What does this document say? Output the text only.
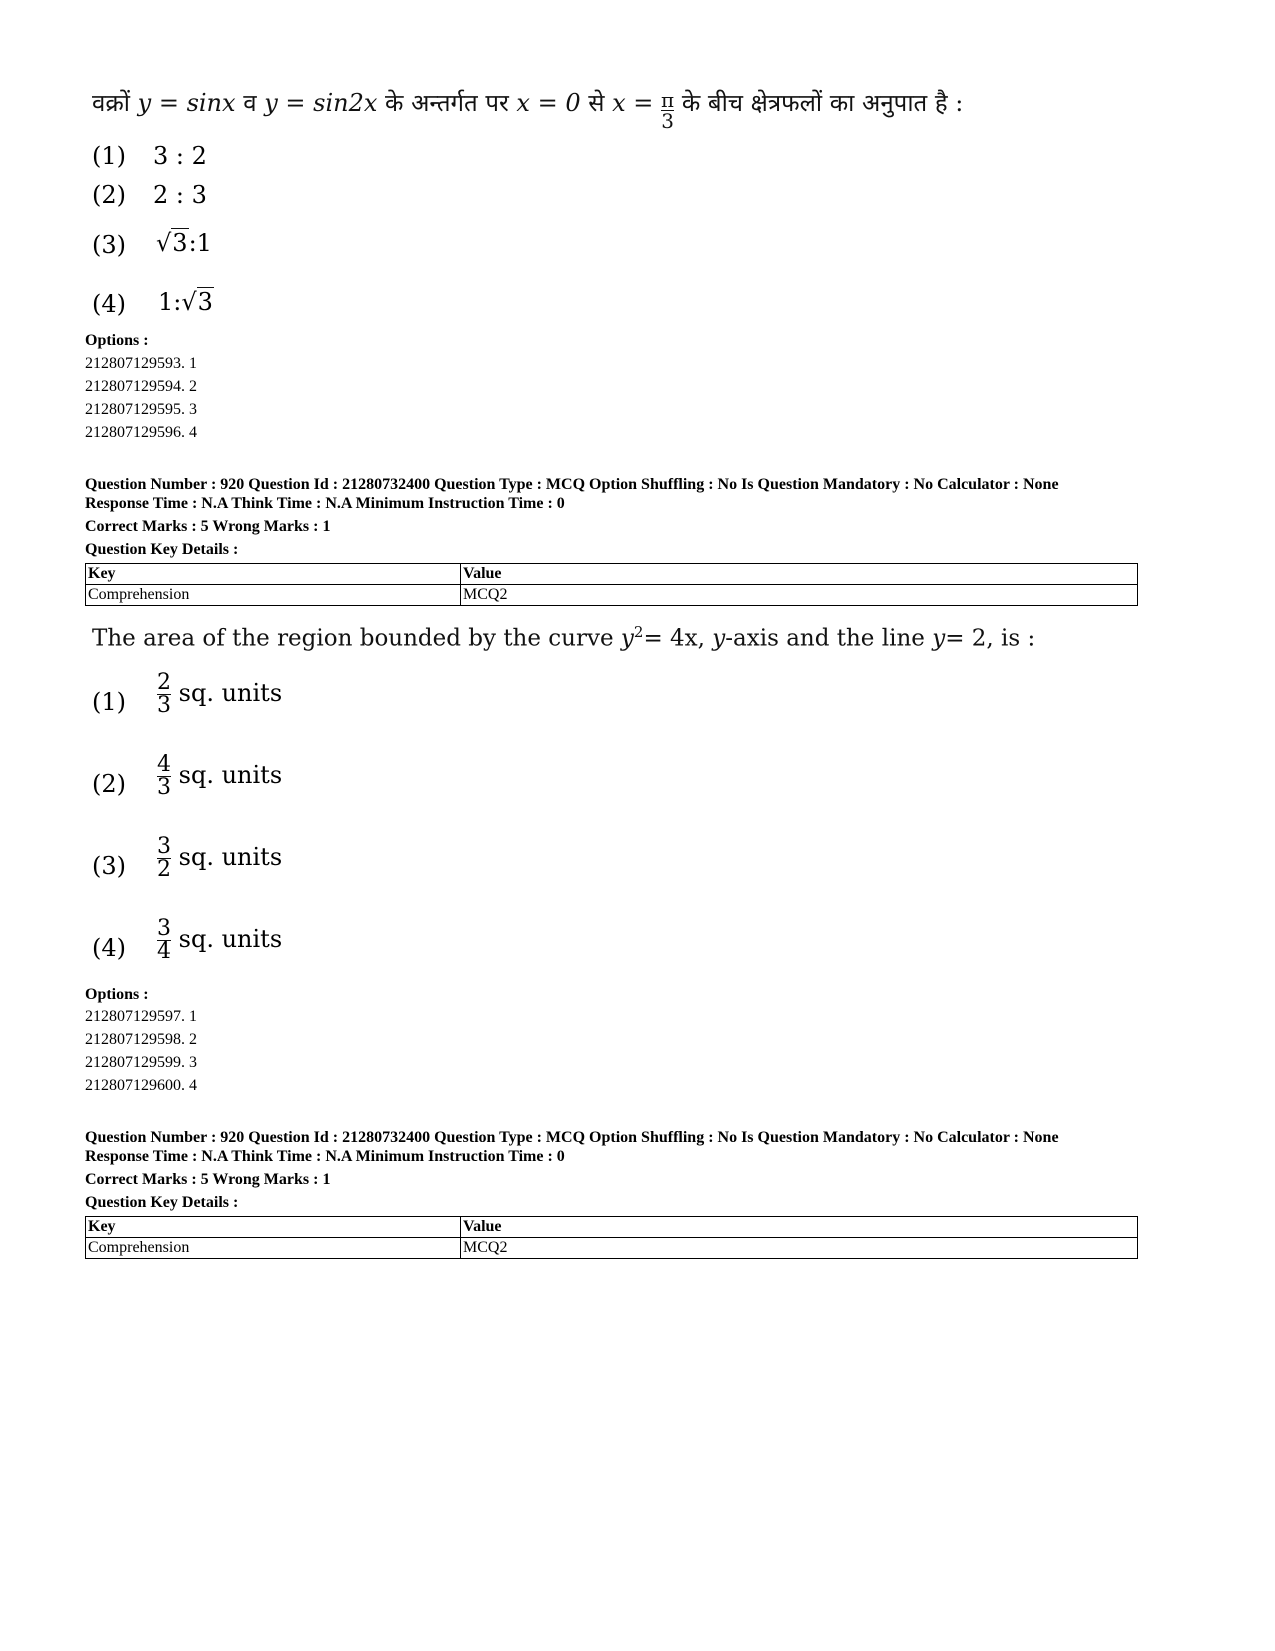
वक्रों y = sinx व y = sin2x के अन्तर्गत पर x = 0 से $x = \frac{\pi}{3}$ के बीच क्षेत्रफलों का अनुपात है :
(1) 3 : 2
(2) 2 : 3
(3) √3:1
(4) 1:√3
Options :
212807129593. 1
212807129594. 2
212807129595. 3
212807129596. 4
Question Number : 920 Question Id : 21280732400 Question Type : MCQ Option Shuffling : No Is Question Mandatory : No Calculator : None
Response Time : N.A Think Time : N.A Minimum Instruction Time : 0
Correct Marks : 5 Wrong Marks : 1
Question Key Details :
Key	Value
Comprehension	MCQ2
The area of the region bounded by the curve $y^2= 4x$, y-axis and the line y= 2, is :
$(1) \frac{2}{3}$ sq. units
$(2) \frac{4}{3}$ sq. units
$(3) \frac{3}{2}$ sq. units
$(4) \frac{3}{4}$ sq. units
Options :
212807129597. 1
212807129598. 2
212807129599. 3
212807129600. 4
Question Number : 920 Question Id : 21280732400 Question Type : MCQ Option Shuffling : No Is Question Mandatory : No Calculator : None
Response Time : N.A Think Time : N.A Minimum Instruction Time : 0
Correct Marks : 5 Wrong Marks : 1
Question Key Details :
Key	Value
Comprehension	MCQ2
